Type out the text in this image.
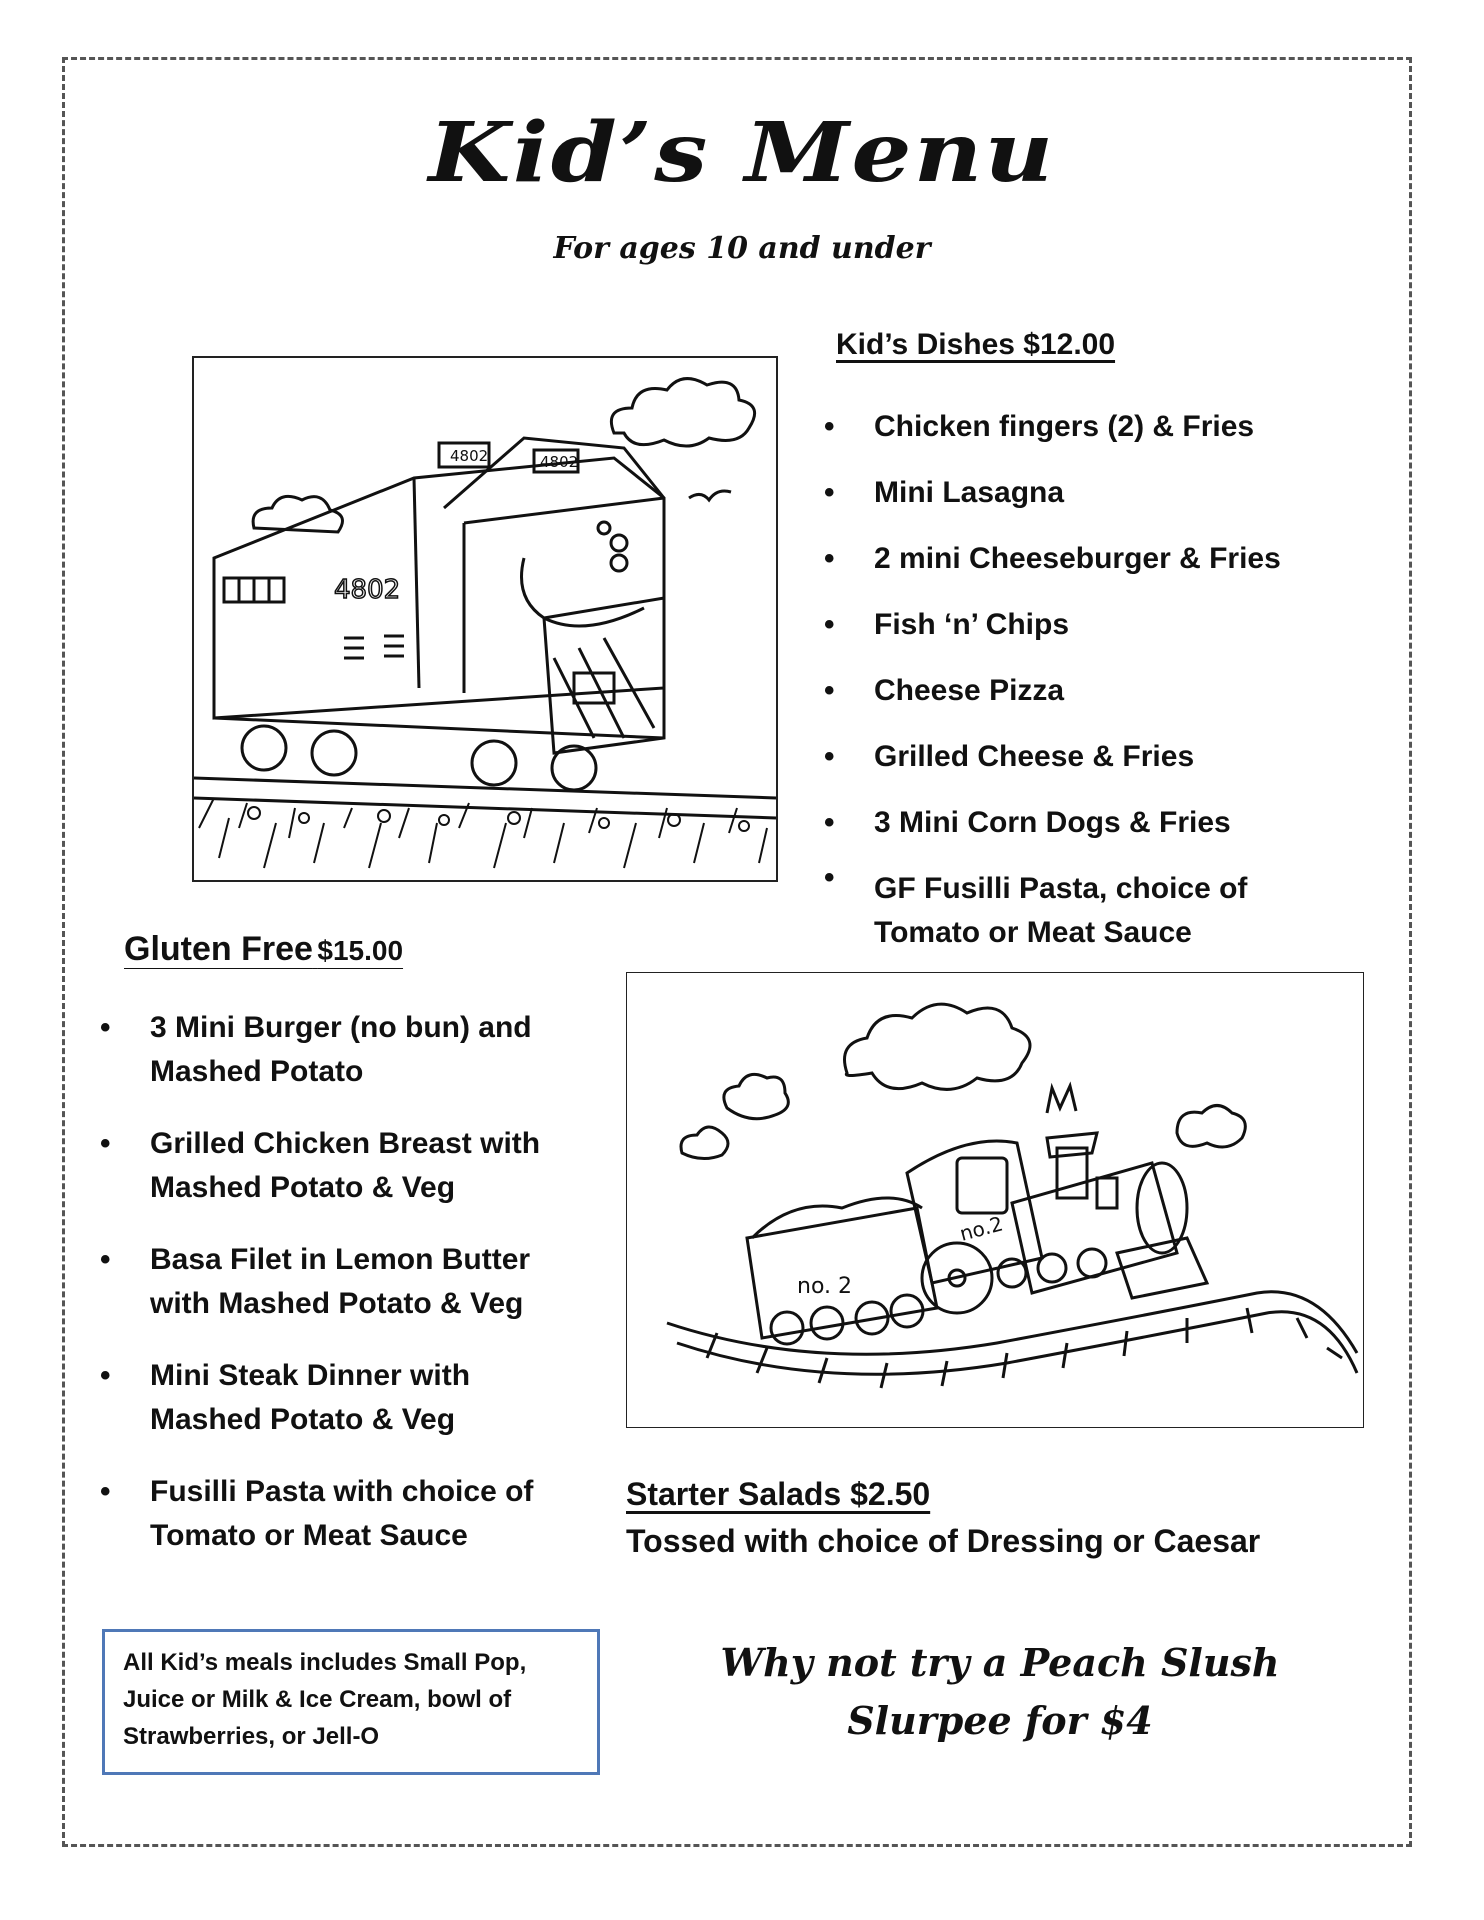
Kid’s Menu
For ages 10 and under
4802	4802
4802
Kid’s Dishes $12.00
• Chicken fingers (2) & Fries
• Mini Lasagna
• 2 mini Cheeseburger & Fries
• Fish ‘n’ Chips
• Cheese Pizza
• Grilled Cheese & Fries
• 3 Mini Corn Dogs & Fries
• GF Fusilli Pasta, choice of
Tomato or Meat Sauce
Gluten Free $15.00
• 3 Mini Burger (no bun) and
Mashed Potato
• Grilled Chicken Breast with
Mashed Potato & Veg
• Basa Filet in Lemon Butter
with Mashed Potato & Veg
• Mini Steak Dinner with
Mashed Potato & Veg
• Fusilli Pasta with choice of
Tomato or Meat Sauce
no. 2
no.2
Starter Salads $2.50
Tossed with choice of Dressing or Caesar
All Kid’s meals includes Small Pop, Juice or Milk & Ice Cream, bowl of Strawberries, or Jell-O
Why not try a Peach Slush
Slurpee for $4
